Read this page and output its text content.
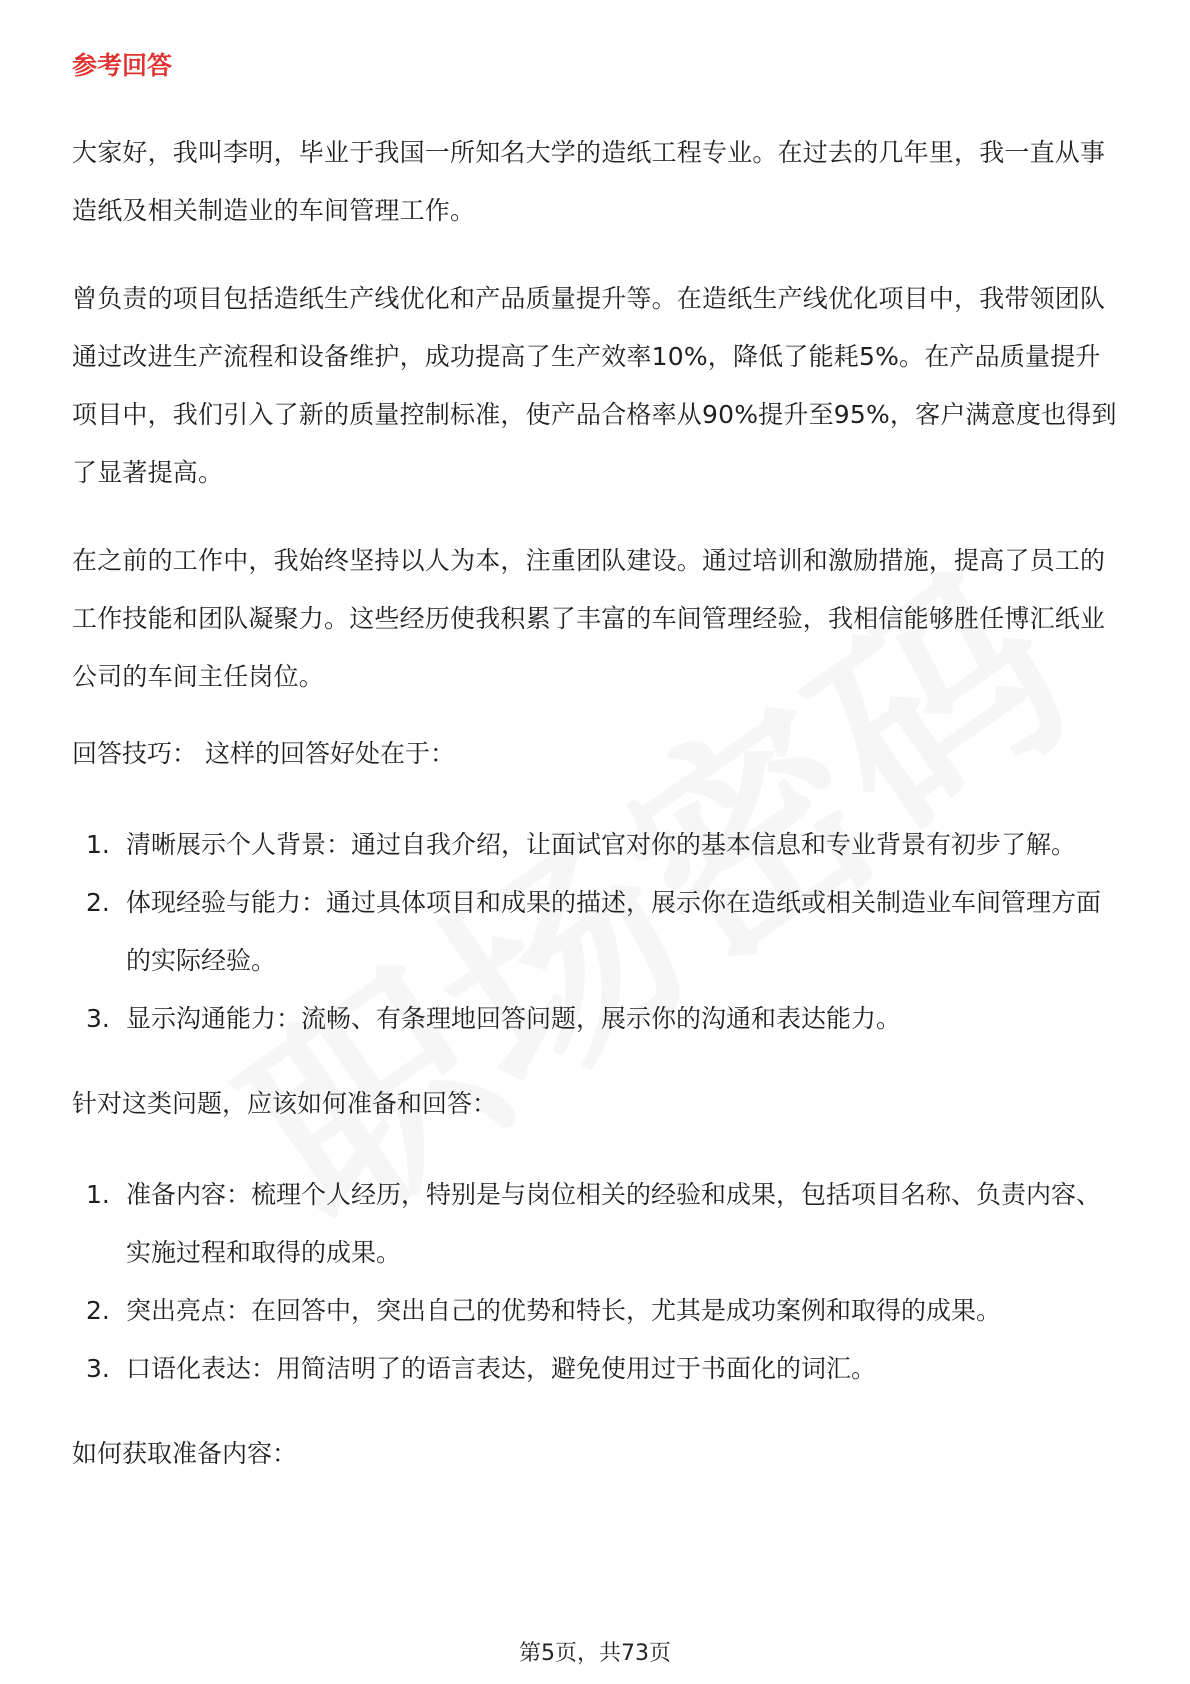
参考回答

大家好，我叫李明，毕业于我国一所知名大学的造纸工程专业。在过去的几年里，我一直从事造纸及相关制造业的车间管理工作。

曾负责的项目包括造纸生产线优化和产品质量提升等。在造纸生产线优化项目中，我带领团队通过改进生产流程和设备维护，成功提高了生产效率10%，降低了能耗5%。在产品质量提升项目中，我们引入了新的质量控制标准，使产品合格率从90%提升至95%，客户满意度也得到了显著提高。

在之前的工作中，我始终坚持以人为本，注重团队建设。通过培训和激励措施，提高了员工的工作技能和团队凝聚力。这些经历使我积累了丰富的车间管理经验，我相信能够胜任博汇纸业公司的车间主任岗位。

回答技巧： 这样的回答好处在于：
1. 清晰展示个人背景：通过自我介绍，让面试官对你的基本信息和专业背景有初步了解。
2. 体现经验与能力：通过具体项目和成果的描述，展示你在造纸或相关制造业车间管理方面的实际经验。
3. 显示沟通能力：流畅、有条理地回答问题，展示你的沟通和表达能力。
针对这类问题，应该如何准备和回答：
1. 准备内容：梳理个人经历，特别是与岗位相关的经验和成果，包括项目名称、负责内容、实施过程和取得的成果。
2. 突出亮点：在回答中，突出自己的优势和特长，尤其是成功案例和取得的成果。
3. 口语化表达：用简洁明了的语言表达，避免使用过于书面化的词汇。
如何获取准备内容：
第5页，共73页
